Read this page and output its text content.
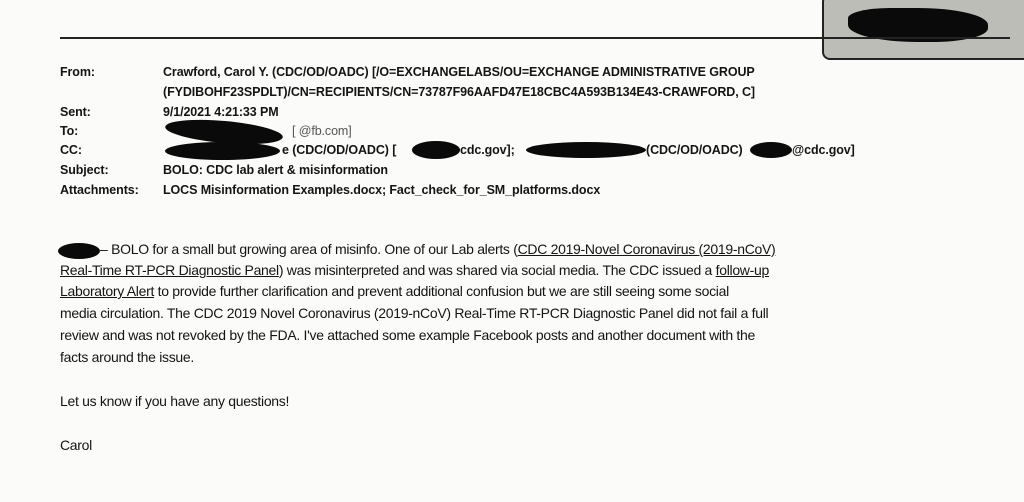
From:	Crawford, Carol Y. (CDC/OD/OADC) [/O=EXCHANGELABS/OU=EXCHANGE ADMINISTRATIVE GROUP
(FYDIBOHF23SPDLT)/CN=RECIPIENTS/CN=73787F96AAFD47E18CBC4A593B134E43-CRAWFORD, C]
Sent:	9/1/2021 4:21:33 PM
To:	[ @fb.com]
CC:	e (CDC/OD/OADC) [	cdc.gov];	(CDC/OD/OADC)	@cdc.gov]
Subject:	BOLO: CDC lab alert & misinformation
Attachments: LOCS Misinformation Examples.docx; Fact_check_for_SM_platforms.docx
– BOLO for a small but growing area of misinfo. One of our Lab alerts (CDC 2019-Novel Coronavirus (2019-nCoV)
Real-Time RT-PCR Diagnostic Panel) was misinterpreted and was shared via social media. The CDC issued a follow-up
Laboratory Alert to provide further clarification and prevent additional confusion but we are still seeing some social
media circulation. The CDC 2019 Novel Coronavirus (2019-nCoV) Real-Time RT-PCR Diagnostic Panel did not fail a full
review and was not revoked by the FDA. I've attached some example Facebook posts and another document with the
facts around the issue.
Let us know if you have any questions!
Carol
